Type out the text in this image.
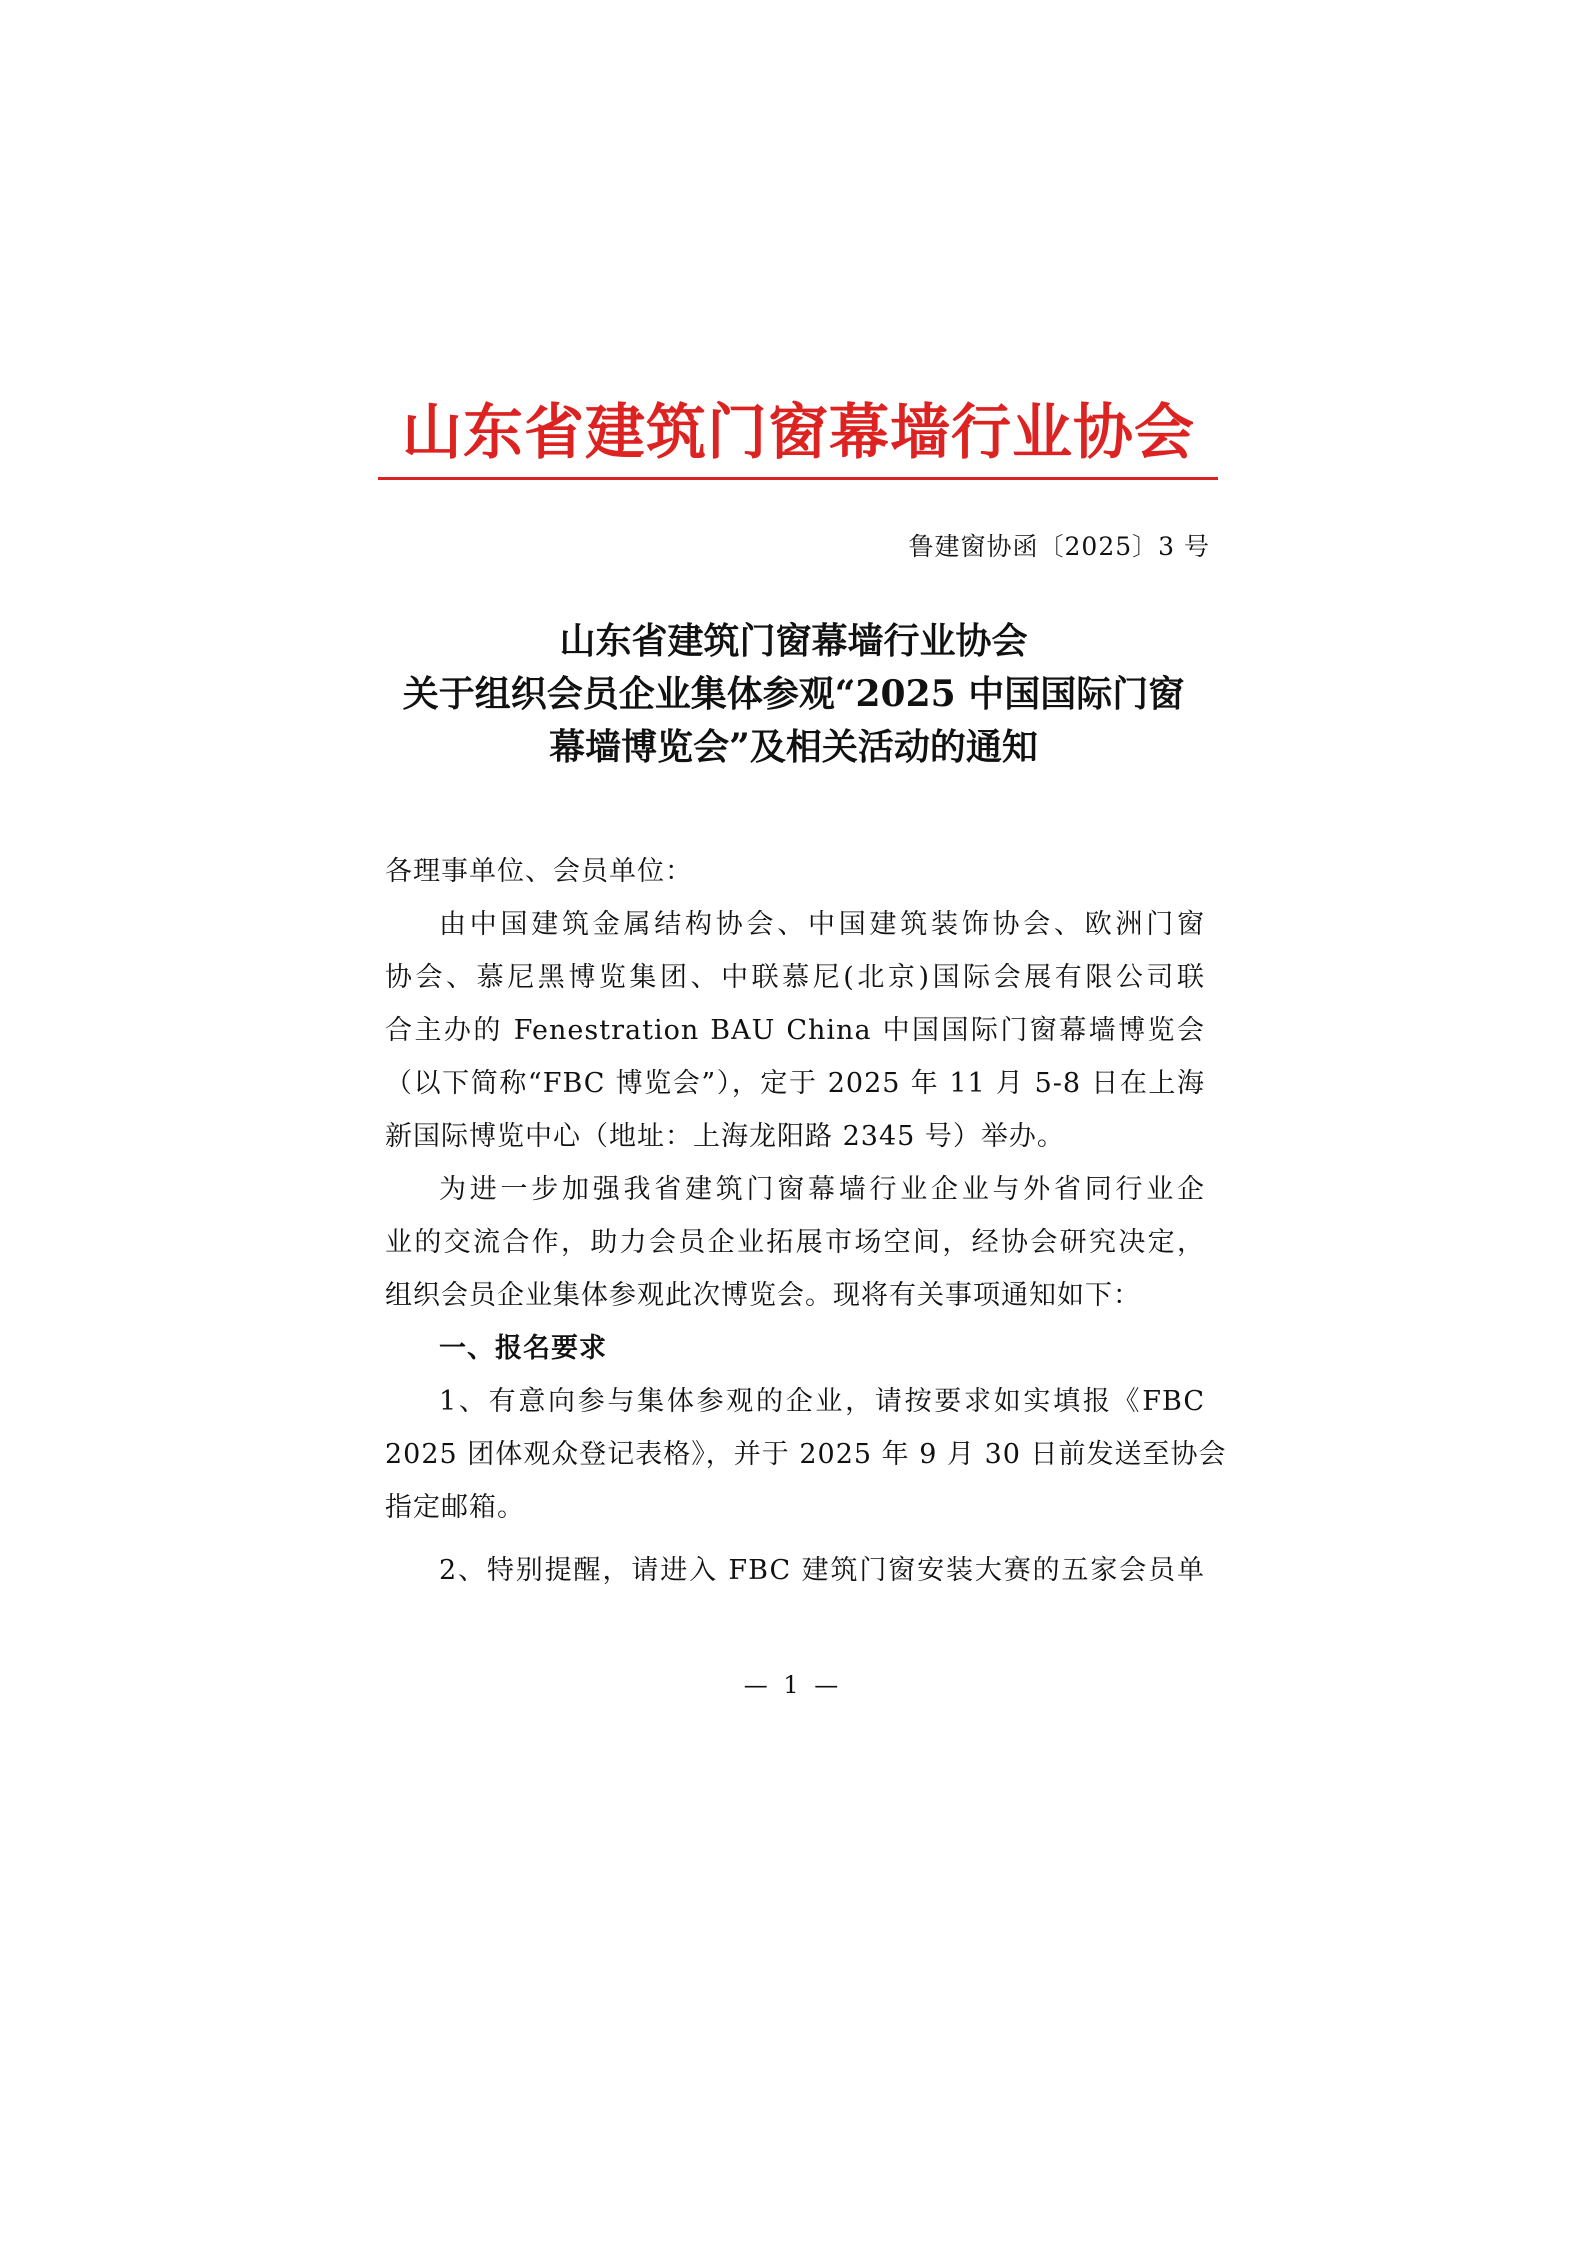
山东省建筑门窗幕墙行业协会
鲁建窗协函〔2025〕3 号
山东省建筑门窗幕墙行业协会
关于组织会员企业集体参观“2025 中国国际门窗
幕墙博览会”及相关活动的通知
各理事单位、会员单位：
由中国建筑金属结构协会、中国建筑装饰协会、欧洲门窗
协会、慕尼黑博览集团、中联慕尼(北京)国际会展有限公司联
合主办的 Fenestration BAU China 中国国际门窗幕墙博览会
（以下简称“FBC 博览会”），定于 2025 年 11 月 5-8 日在上海
新国际博览中心（地址：上海龙阳路 2345 号）举办。
为进一步加强我省建筑门窗幕墙行业企业与外省同行业企
业的交流合作，助力会员企业拓展市场空间，经协会研究决定，
组织会员企业集体参观此次博览会。现将有关事项通知如下：
一、报名要求
1、有意向参与集体参观的企业，请按要求如实填报《FBC
2025 团体观众登记表格》，并于 2025 年 9 月 30 日前发送至协会
指定邮箱。
2、特别提醒，请进入 FBC 建筑门窗安装大赛的五家会员单
— 1 —
